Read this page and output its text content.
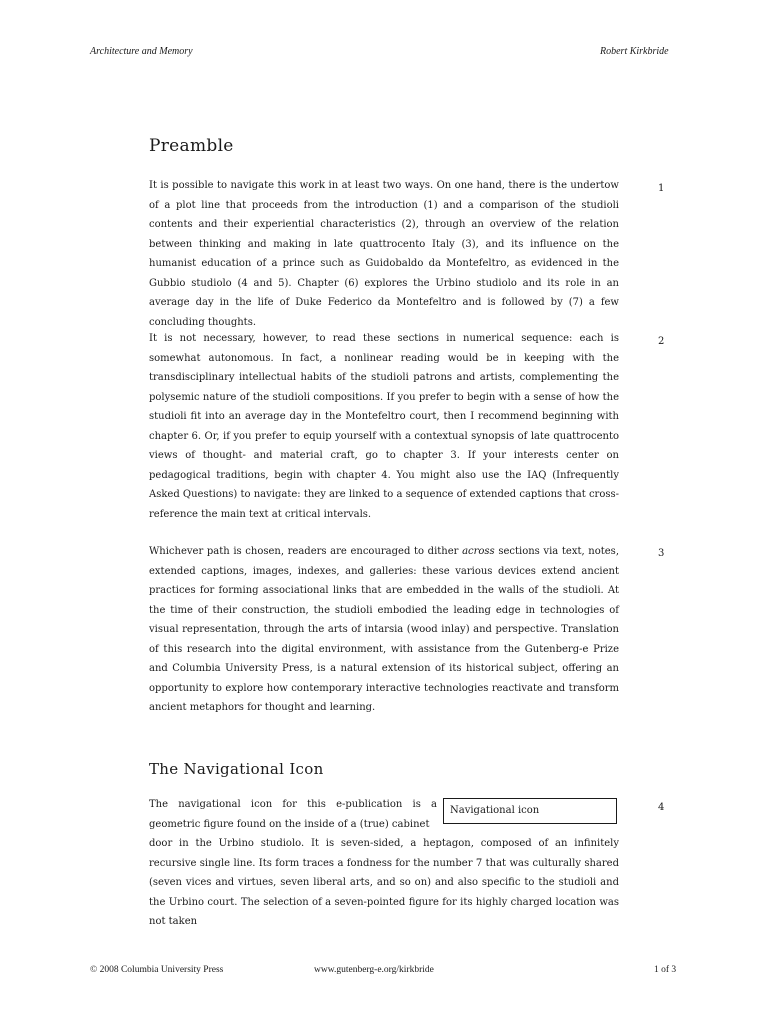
Architecture and Memory	Robert Kirkbride
Preamble

It is possible to navigate this work in at least two ways. On one hand, there is the undertow of a plot line that proceeds from the introduction (1) and a comparison of the studioli contents and their experiential characteristics (2), through an overview of the relation between thinking and making in late quattrocento Italy (3), and its influence on the humanist education of a prince such as Guidobaldo da Montefeltro, as evidenced in the Gubbio studiolo (4 and 5). Chapter (6) explores the Urbino studiolo and its role in an average day in the life of Duke Federico da Montefeltro and is followed by (7) a few concluding thoughts.

1

It is not necessary, however, to read these sections in numerical sequence: each is somewhat autonomous. In fact, a nonlinear reading would be in keeping with the transdisciplinary intellectual habits of the studioli patrons and artists, complementing the polysemic nature of the studioli compositions. If you prefer to begin with a sense of how the studioli fit into an average day in the Montefeltro court, then I recommend beginning with chapter 6. Or, if you prefer to equip yourself with a contextual synopsis of late quattrocento views of thought- and material craft, go to chapter 3. If your interests center on pedagogical traditions, begin with chapter 4. You might also use the IAQ (Infrequently Asked Questions) to navigate: they are linked to a sequence of extended captions that cross-reference the main text at critical intervals.

2

Whichever path is chosen, readers are encouraged to dither across sections via text, notes, extended captions, images, indexes, and galleries: these various devices extend ancient practices for forming associational links that are embedded in the walls of the studioli. At the time of their construction, the studioli embodied the leading edge in technologies of visual representation, through the arts of intarsia (wood inlay) and perspective. Translation of this research into the digital environment, with assistance from the Gutenberg-e Prize and Columbia University Press, is a natural extension of its historical subject, offering an opportunity to explore how contemporary interactive technologies reactivate and transform ancient metaphors for thought and learning.

3
The Navigational Icon

The navigational icon for this e-publication is a geometric figure found on the inside of a (true) cabinet

Navigational icon	4

door in the Urbino studiolo. It is seven-sided, a heptagon, composed of an infinitely recursive single line. Its form traces a fondness for the number 7 that was culturally shared (seven vices and virtues, seven liberal arts, and so on) and also specific to the studioli and the Urbino court. The selection of a seven-pointed figure for its highly charged location was not taken

© 2008 Columbia University Press	www.gutenberg-e.org/kirkbride	1 of 3
